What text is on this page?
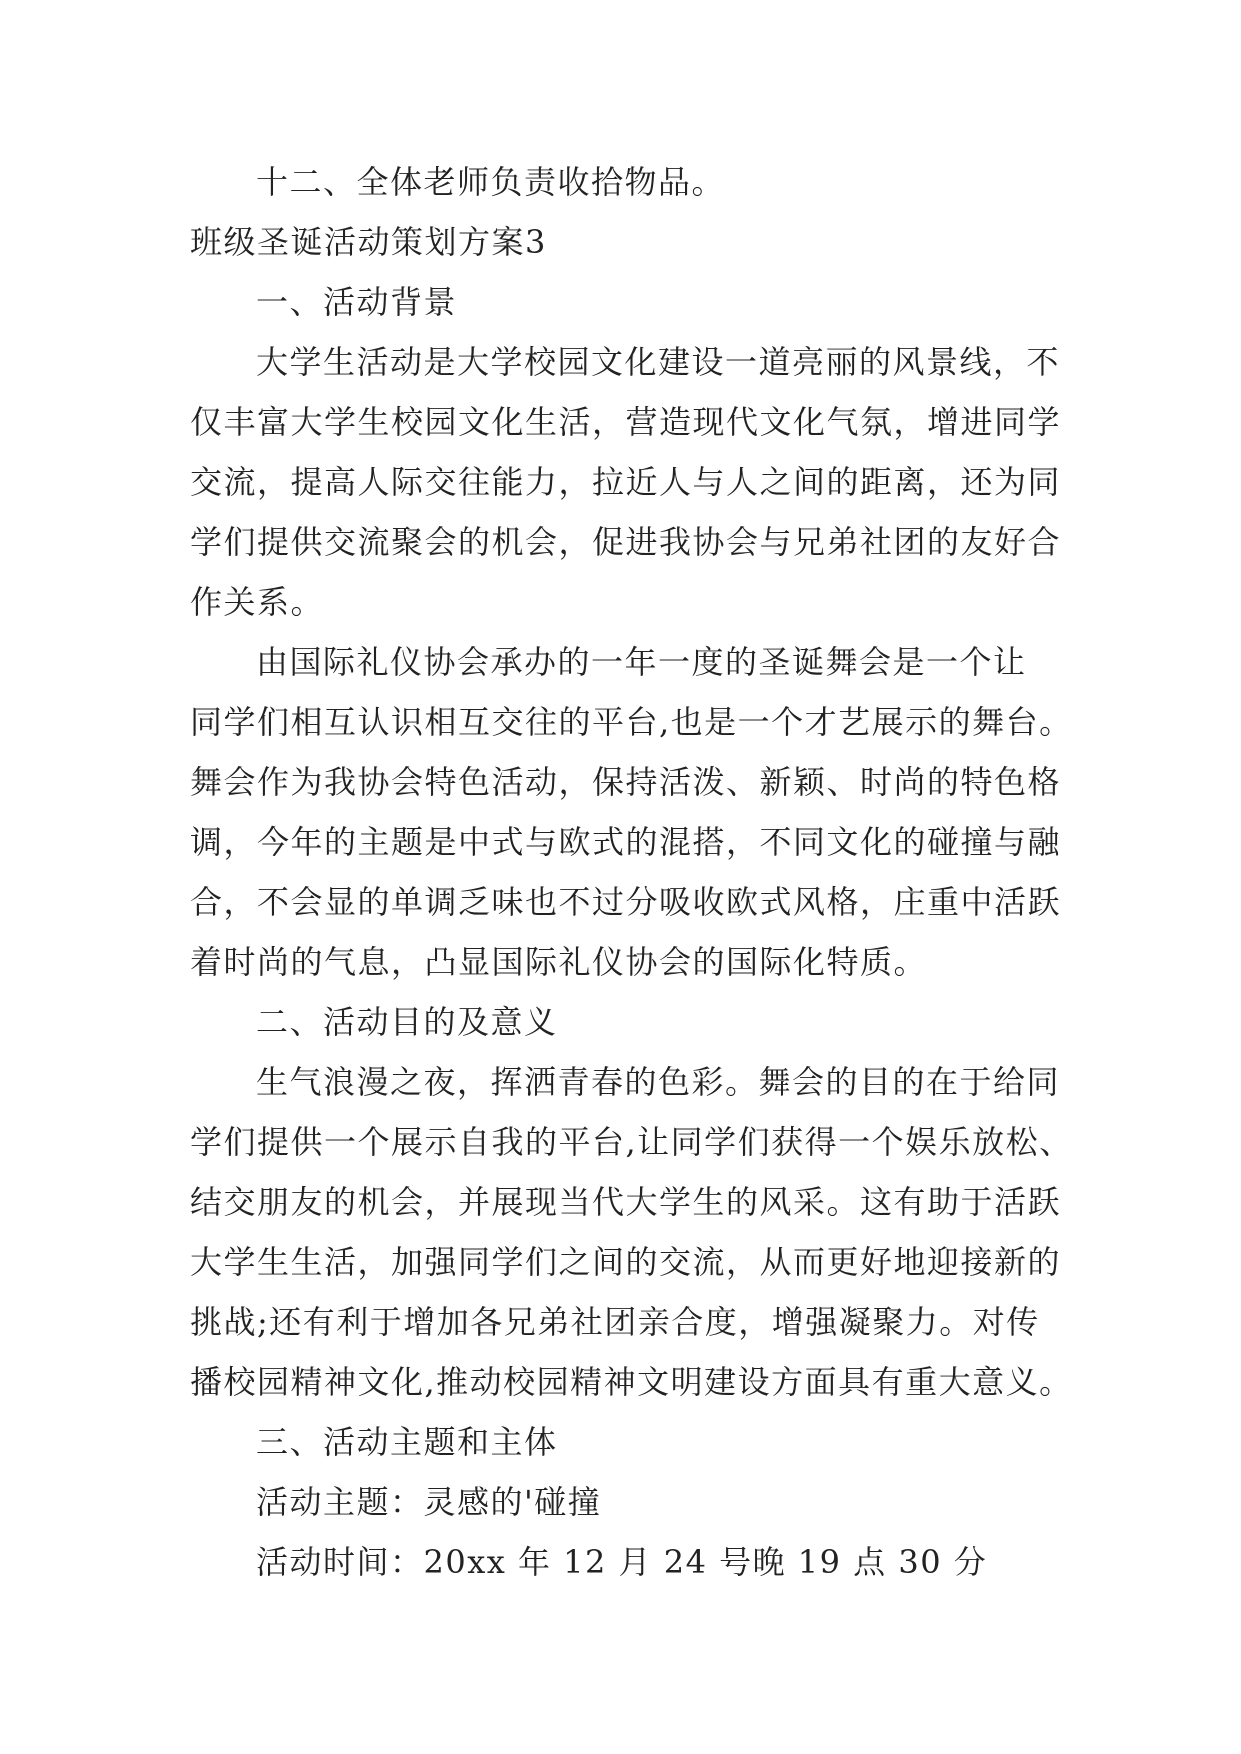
十二、全体老师负责收拾物品。
班级圣诞活动策划方案3
一、活动背景
大学生活动是大学校园文化建设一道亮丽的风景线，不
仅丰富大学生校园文化生活，营造现代文化气氛，增进同学
交流，提高人际交往能力，拉近人与人之间的距离，还为同
学们提供交流聚会的机会，促进我协会与兄弟社团的友好合
作关系。
由国际礼仪协会承办的一年一度的圣诞舞会是一个让
同学们相互认识相互交往的平台,也是一个才艺展示的舞台。
舞会作为我协会特色活动，保持活泼、新颖、时尚的特色格
调，今年的主题是中式与欧式的混搭，不同文化的碰撞与融
合，不会显的单调乏味也不过分吸收欧式风格，庄重中活跃
着时尚的气息，凸显国际礼仪协会的国际化特质。
二、活动目的及意义
生气浪漫之夜，挥洒青春的色彩。舞会的目的在于给同
学们提供一个展示自我的平台,让同学们获得一个娱乐放松、
结交朋友的机会，并展现当代大学生的风采。这有助于活跃
大学生生活，加强同学们之间的交流，从而更好地迎接新的
挑战;还有利于增加各兄弟社团亲合度，增强凝聚力。对传
播校园精神文化,推动校园精神文明建设方面具有重大意义。
三、活动主题和主体
活动主题：灵感的'碰撞
活动时间：20xx 年 12 月 24 号晚 19 点 30 分
